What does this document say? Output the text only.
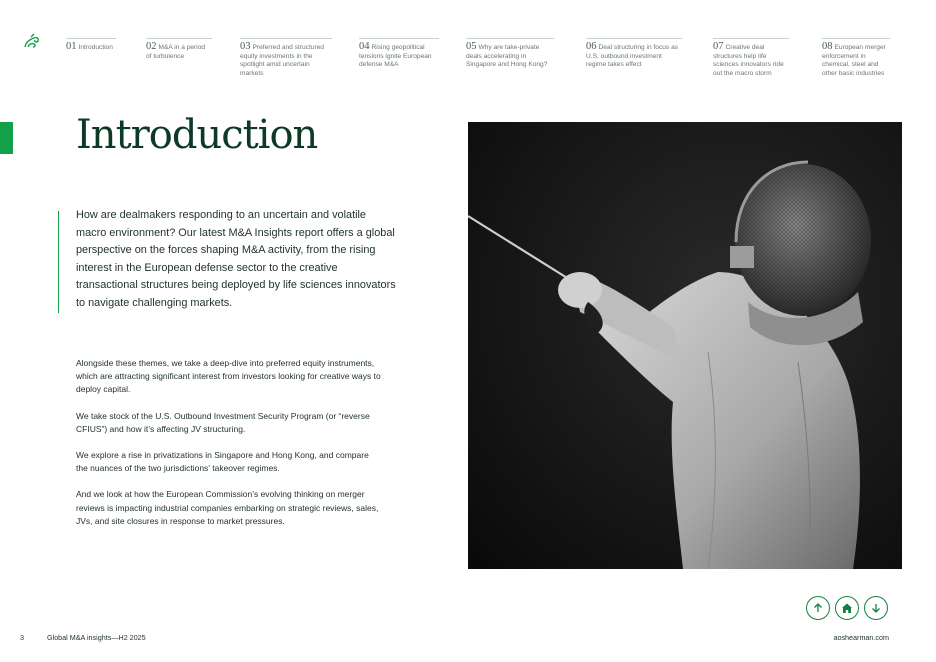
01 Introduction	02 M&A in a period of turbulence
03 Preferred and structured equity investments in the spotlight amid uncertain markets
04 Rising geopolitical tensions ignite European defense M&A
05 Why are take-private deals accelerating in Singapore and Hong Kong?
06 Deal structuring in focus as U.S. outbound investment regime takes effect
07 Creative deal structures help life sciences innovators ride out the macro storm
08 European merger enforcement in chemical, steel and other basic industries
Introduction

How are dealmakers responding to an uncertain and volatile macro environment? Our latest M&A Insights report offers a global perspective on the forces shaping M&A activity, from the rising interest in the European defense sector to the creative transactional structures being deployed by life sciences innovators to navigate challenging markets.

Alongside these themes, we take a deep-dive into preferred equity instruments, which are attracting significant interest from investors looking for creative ways to deploy capital.

We take stock of the U.S. Outbound Investment Security Program (or “reverse CFIUS”) and how it’s affecting JV structuring.

We explore a rise in privatizations in Singapore and Hong Kong, and compare the nuances of the two jurisdictions’ takeover regimes.

And we look at how the European Commission’s evolving thinking on merger reviews is impacting industrial companies embarking on strategic reviews, sales, JVs, and site closures in response to market pressures.

3	Global M&A insights—H2 2025	aoshearman.com
